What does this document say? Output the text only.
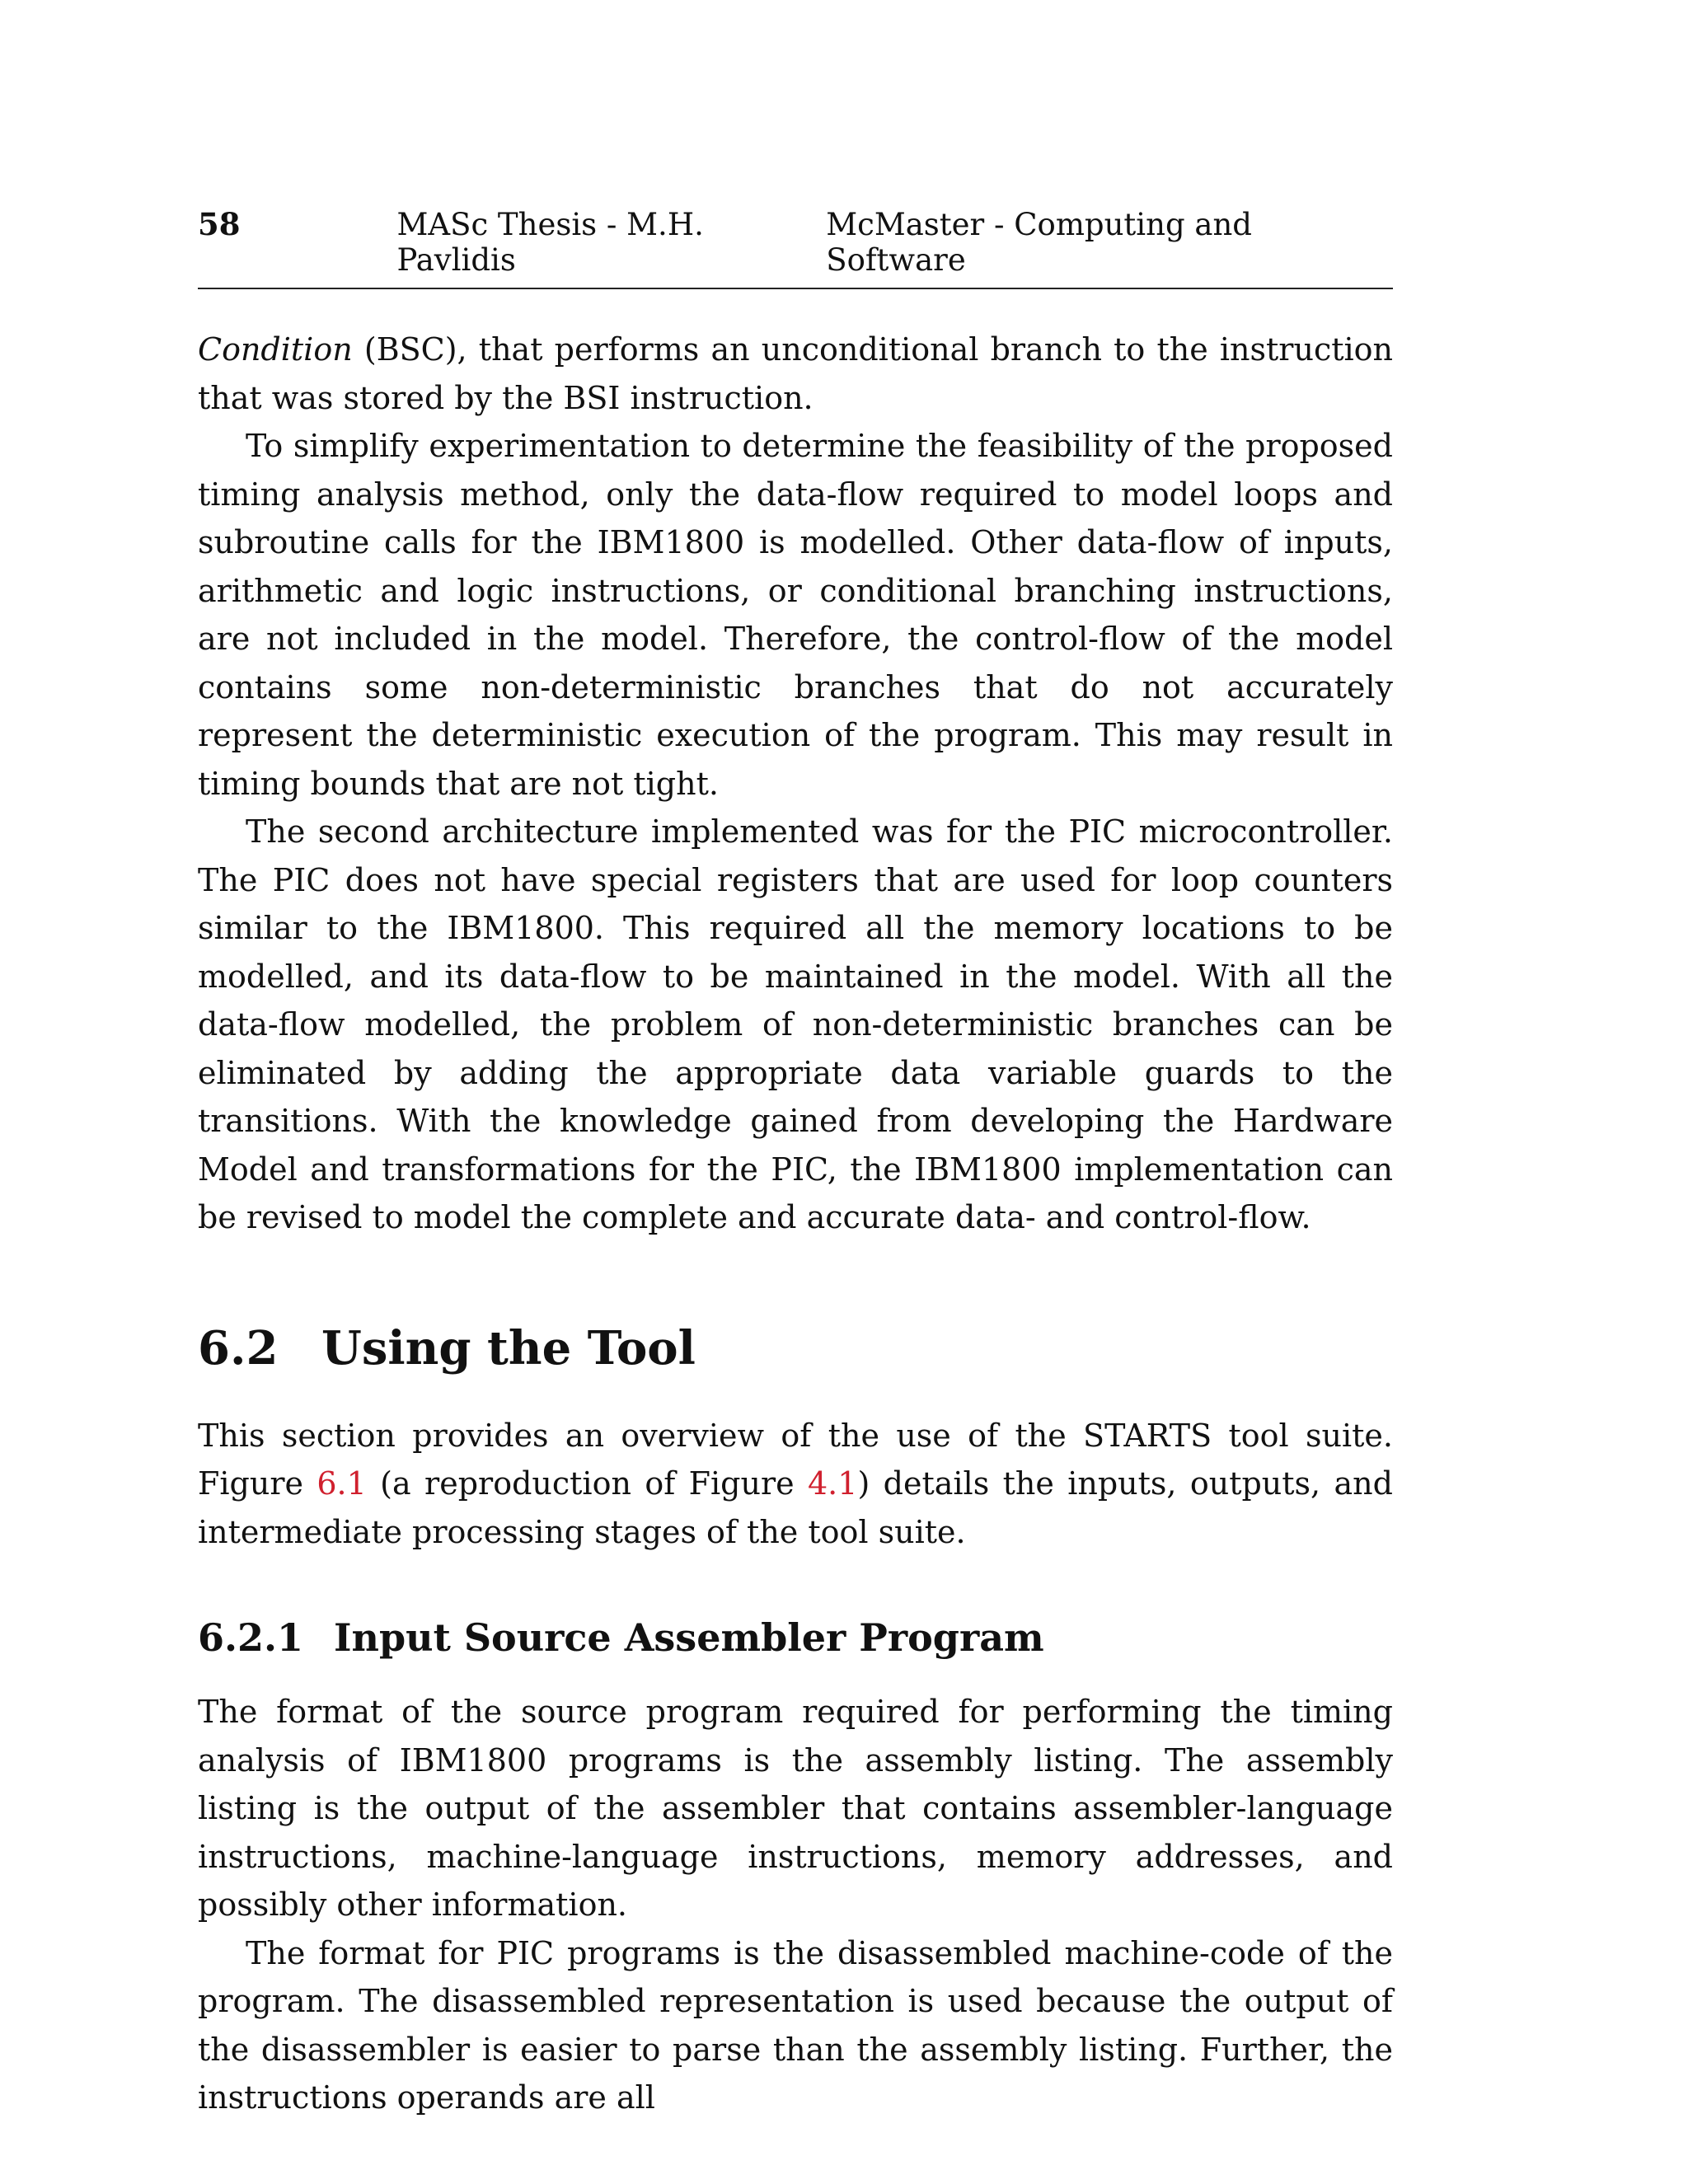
58	MASc Thesis - M.H. Pavlidis
McMaster - Computing and Software

Condition (BSC), that performs an unconditional branch to the instruction that was stored by the BSI instruction.

To simplify experimentation to determine the feasibility of the proposed timing analysis method, only the data-flow required to model loops and subroutine calls for the IBM1800 is modelled. Other data-flow of inputs, arithmetic and logic instructions, or conditional branching instructions, are not included in the model. Therefore, the control-flow of the model contains some non-deterministic branches that do not accurately represent the deterministic execution of the program. This may result in timing bounds that are not tight.

The second architecture implemented was for the PIC microcontroller. The PIC does not have special registers that are used for loop counters similar to the IBM1800. This required all the memory locations to be modelled, and its data-flow to be maintained in the model. With all the data-flow modelled, the problem of non-deterministic branches can be eliminated by adding the appropriate data variable guards to the transitions. With the knowledge gained from developing the Hardware Model and transformations for the PIC, the IBM1800 implementation can be revised to model the complete and accurate data- and control-flow.

6.2 Using the Tool

This section provides an overview of the use of the STARTS tool suite. Figure 6.1 (a reproduction of Figure 4.1) details the inputs, outputs, and intermediate processing stages of the tool suite.

6.2.1 Input Source Assembler Program

The format of the source program required for performing the timing analysis of IBM1800 programs is the assembly listing. The assembly listing is the output of the assembler that contains assembler-language instructions, machine-language instructions, memory addresses, and possibly other information.

The format for PIC programs is the disassembled machine-code of the program. The disassembled representation is used because the output of the disassembler is easier to parse than the assembly listing. Further, the instructions operands are all
